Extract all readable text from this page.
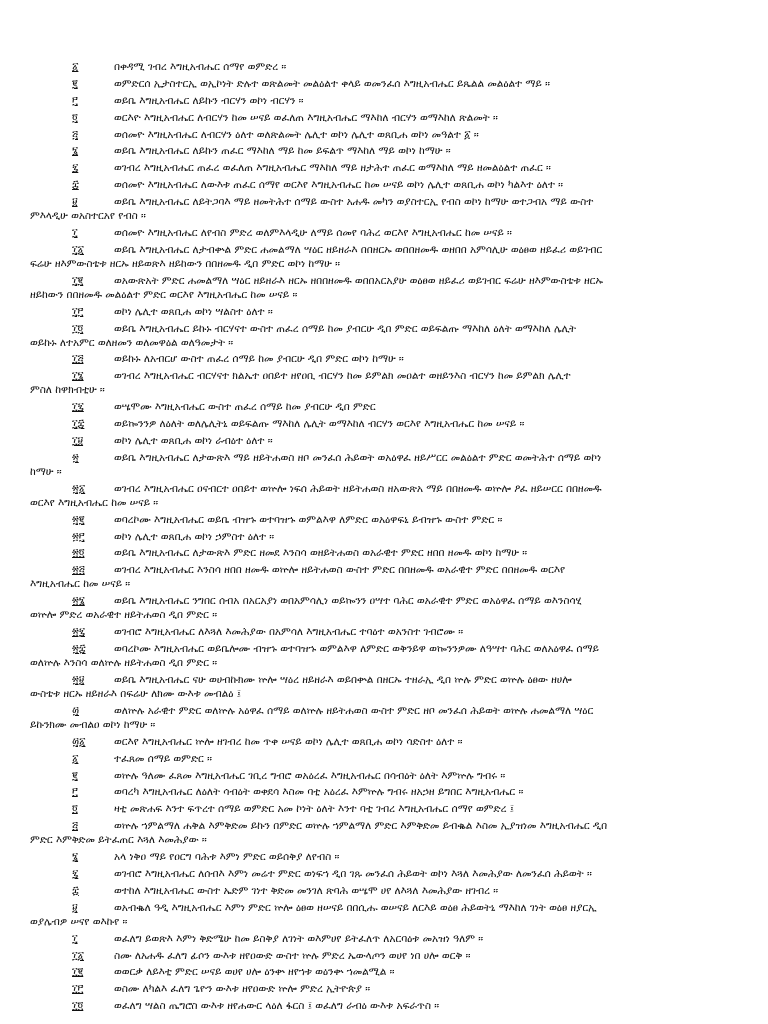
፩	በቀዳሚ ገብረ እግዚአብሔር ሰማየ ወምድረ ።
፪	ወምድርሰ ኢታስተርኢ ወኢኮነት ድሉተ ወጽልመት መልዕልተ ቀላይ ወመንፈሰ እግዚአብሔር ይጼልል መልዕልተ ማይ ።
፫	ወይቤ እግዚአብሔር ለይኩን ብርሃን ወኮነ ብርሃን ።
፬	ወርእዮ እግዚአብሔር ለብርሃን ከመ ሠናይ ወፈለጠ እግዚአብሔር ማእከለ ብርሃን ወማእከለ ጽልመት ።
፭	ወሰመዮ እግዚአብሔር ለብርሃን ዕለተ ወለጽልመት ሌሊተ ወኮነ ሌሊተ ወጸቢሐ ወኮነ መዓልተ ፩ ።
፮	ወይቤ እግዚአብሔር ለይኩን ጠፈር ማእከለ ማይ ከመ ይፍልጥ ማእከለ ማይ ወኮነ ከማሁ ።
፯	ወገብረ እግዚአብሔር ጠፈረ ወፈለጠ እግዚአብሔር ማእከለ ማይ ዘታሕተ ጠፈር ወማእከለ ማይ ዘመልዕልተ ጠፈር ።
፰	ወሰመዮ እግዚአብሔር ለውእቱ ጠፈር ሰማየ ወርእየ እግዚአብሔር ከመ ሠናይ ወኮነ ሌሊተ ወጸቢሐ ወኮነ ካልእተ ዕለተ ።
፱	ወይቤ እግዚአብሔር ለይትጋባእ ማይ ዘመትሕተ ሰማይ ውስተ አሐዱ መካን ወያስተርኢ የብስ ወኮነ ከማሁ ወተጋብአ ማይ ውስተ
ምእላዲሁ ወአስተርአየ የብስ ።
፲	ወሰመዮ እግዚአብሔር ለየብስ ምድረ ወለምእላዲሁ ለማይ ሰመየ ባሕረ ወርእየ እግዚአብሔር ከመ ሠናይ ።
፲፩	ወይቤ እግዚአብሔር ለታብቍል ምድር ሐመልማለ ሣዕር ዘይዘራእ በበዘርኡ ወበበዘመዱ ወዘበበ አምሳሊሁ ወዕፀወ ዘይፈሪ ወይገብር
ፍሬሁ ዘእምውስቴቱ ዘርኡ ዘይወጽእ ዘይከውን በበዘመዱ ዲበ ምድር ወኮነ ከማሁ ።
፲፪	ወአውጽአት ምድር ሐመልማለ ሣዕር ዘይዘራእ ዘርኡ ዘበበዘመዱ ወበበአርአያሁ ወዕፀወ ዘይፈሪ ወይገብር ፍሬሁ ዘእምውስቴቱ ዘርኡ
ዘይከውን በበዘመዱ መልዕልተ ምድር ወርእየ እግዚአብሔር ከመ ሠናይ ።
፲፫	ወኮነ ሌሊተ ወጸቢሐ ወኮነ ሣልስተ ዕለተ ።
፲፬	ወይቤ እግዚአብሔር ይኩኑ ብርሃናተ ውስተ ጠፈረ ሰማይ ከመ ያብርሁ ዲበ ምድር ወይፍልጡ ማእከለ ዕለት ወማእከለ ሌሊት
ወይኩኑ ለተአምር ወለዘመን ወለመዋዕል ወለዓመታት ።
፲፭	ወይኩኑ ለአብርሆ ውስተ ጠፈረ ሰማይ ከመ ያብርሁ ዲበ ምድር ወኮነ ከማሁ ።
፲፮	ወገብረ እግዚአብሔር ብርሃናተ ክልኤተ ዐበይተ ዘየዐቢ ብርሃን ከመ ይምልክ መዐልተ ወዘይንእስ ብርሃን ከመ ይምልክ ሌሊተ
ምስለ ከዋክብቲሁ ።
፲፯	ወሤሞሙ እግዚአብሔር ውስተ ጠፈረ ሰማይ ከመ ያብርሁ ዲበ ምድር
፲፰	ወይኰንንዎ ለዕለት ወለሌሊትኒ ወይፍልጡ ማእከለ ሌሊት ወማእከለ ብርሃን ወርእየ እግዚአብሔር ከመ ሠናይ ።
፲፱	ወኮነ ሌሊተ ወጸቢሐ ወኮነ ራብዕተ ዕለተ ።
፳	ወይቤ እግዚአብሔር ለታውጽእ ማይ ዘይትሐወስ ዘቦ መንፈሰ ሕይወት ወአዕዋፈ ዘይሥርር መልዕልተ ምድር ወመትሕተ ሰማይ ወኮነ
ከማሁ ።
፳፩	ወገብረ እግዚአብሔር ዐናብርተ ዐበይተ ወኵሎ ነፍሰ ሕይወት ዘይትሐወስ ዘአውጽአ ማይ በበዘመዱ ወኵሎ ዖፈ ዘይሠርር በበዘመዱ
ወርእየ እግዚአብሔር ከመ ሠናይ ።
፳፪	ወባረኮሙ እግዚአብሔር ወይቤ ብዝኁ ወተባዝኁ ወምልእዋ ለምድር ወአዕዋፍኒ ይብዝኁ ውስተ ምድር ።
፳፫	ወኮነ ሌሊተ ወጸቢሐ ወኮነ ኃምስተ ዕለተ ።
፳፬	ወይቤ እግዚአብሔር ለታውጽእ ምድር ዘመደ እንስሳ ወዘይትሐወስ ወአራዊተ ምድር ዘበበ ዘመዱ ወኮነ ከማሁ ።
፳፭	ወገብረ እግዚአብሔር እንስሳ ዘበበ ዘመዱ ወኵሎ ዘይትሐወስ ውስተ ምድር በበዘመዱ ወአራዊተ ምድር በበዘመዱ ወርእየ
እግዚአብሔር ከመ ሠናይ ።
፳፮	ወይቤ እግዚአብሔር ንግበር ሰብአ በአርአያነ ወበአምሳሊነ ወይኰንን ዐሣተ ባሕር ወአራዊተ ምድር ወአዕዋፈ ሰማይ ወእንስሳሂ
ወኵሎ ምድረ ወአራዊተ ዘይትሐወስ ዲበ ምድር ።
፳፯	ወገብሮ እግዚአብሔር ለእጓለ እመሕያው በአምሳለ እግዚአብሔር ተባዕተ ወአንስተ ገብሮሙ ።
፳፰	ወባረኮሙ እግዚአብሔር ወይቤሎሙ ብዝኁ ወተባዝኁ ወምልእዋ ለምድር ወቅንይዋ ወኰንንዎሙ ለዓሣተ ባሕር ወለአዕዋፈ ሰማይ
ወለኵሉ እንስሳ ወለኵሉ ዘይትሐወስ ዲበ ምድር ።
፳፱	ወይቤ እግዚአብሔር ናሁ ወሀብኩክሙ ኵሎ ሣዕረ ዘይዘራእ ወይበቍል በዘርኡ ተዘራኢ ዲበ ኵሉ ምድር ወኵሉ ዕፀው ዘሀሎ
ውስቴቱ ዘርኡ ዘይዘራእ በፍሬሁ ለክሙ ውእቱ መብልዕ ፤
፴	ወለኵሉ አራዊተ ምድር ወለኵሉ አዕዋፈ ሰማይ ወለኵሉ ዘይትሐወስ ውስተ ምድር ዘቦ መንፈሰ ሕይወት ወኵሉ ሐመልማለ ሣዕር
ይኩንክሙ መብልዐ ወኮነ ከማሁ ።
፴፩	ወርእየ እግዚአብሔር ኵሎ ዘገብረ ከመ ጥቀ ሠናይ ወኮነ ሌሊተ ወጸቢሐ ወኮነ ሳድስተ ዕለተ ።
፩	ተፈጸመ ሰማይ ወምድር ።
፪	ወኵሉ ዓለሙ ፈጸመ እግዚአብሔር ገቢረ ግብሮ ወአዕረፈ እግዚአብሔር በሳብዕት ዕለት እምኵሉ ግብሩ ።
፫	ወባረካ እግዚአብሔር ለዕለት ሳብዕት ወቀደሳ እስመ ባቲ አዕረፈ እምኵሉ ግብሩ ዘአኃዘ ይግበር እግዚአብሔር ።
፬	ዛቲ መጽሐፍ እንተ ፍጥረተ ሰማይ ወምድር አመ ኮነት ዕለት እንተ ባቲ ገብረ እግዚአብሔር ሰማየ ወምድረ ፤
፭	ወኵሉ ኀምልማለ ሐቅል እምቅድመ ይኩን በምድር ወኵሉ ኀምልማለ ምድር እምቅድመ ይብቈል እስመ ኢያዝነመ እግዚአብሔር ዲበ
ምድር እምቅድመ ይትፈጠር እጓለ እመሕያው ።
፮	አላ ነቅዐ ማይ የዐርግ ባሕቱ እምነ ምድር ወይሰቅያ ለየብስ ።
፯	ወገብሮ እግዚአብሔር ለሰብእ እምነ መሬተ ምድር ወነፍኀ ዲበ ገጹ መንፈሰ ሕይወት ወኮነ እጓለ እመሕያው ለመንፈሰ ሕይወት ።
፰	ወተከለ እግዚአብሔር ውስተ ኤድም ገነተ ቅድመ መንገለ ጽባሕ ወሤሞ ሀየ ለእጓለ እመሕያው ዘገብረ ።
፱	ወአብቈለ ዓዲ እግዚአብሔር እምነ ምድር ኵሎ ዕፀወ ዘሠናይ በበሲሑ ወሠናይ ለርእይ ወዕፀ ሕይወትኒ ማእከለ ገነት ወዕፀ ዘያርኢ
ወያሌብዎ ሠናየ ወእኩየ ።
፲	ወፈለግ ይወጽእ እምነ ቅድሜሁ ከመ ይስቅያ ለገነት ወእምሀየ ይትፈለጥ ለአርባዕቱ መአዝነ ዓለም ።
፲፩	ስሙ ለአሐዱ ፈለግ ፊሶን ውእቱ ዘየዐውድ ውስተ ኵሉ ምድረ ኤውላጦን ወሀየ ነበ ሀሎ ወርቅ ።
፲፪	ወወርቃ ለይእቲ ምድር ሠናይ ወሀየ ሀሎ ዕንቍ ዘየኀቱ ወዕንቍ ኀመልሚል ።
፲፫	ወስሙ ለካልእ ፈለግ ጌዮን ውእቱ ዘየዐውድ ኵሎ ምድረ ኢትዮጵያ ።
፲፬	ወፈለግ ሣልስ ጤግሮስ ውእቱ ዘየሐውር ላዕለ ፋርስ ፤ ወፈለግ ራብዕ ውእቱ አፍራጥስ ።
